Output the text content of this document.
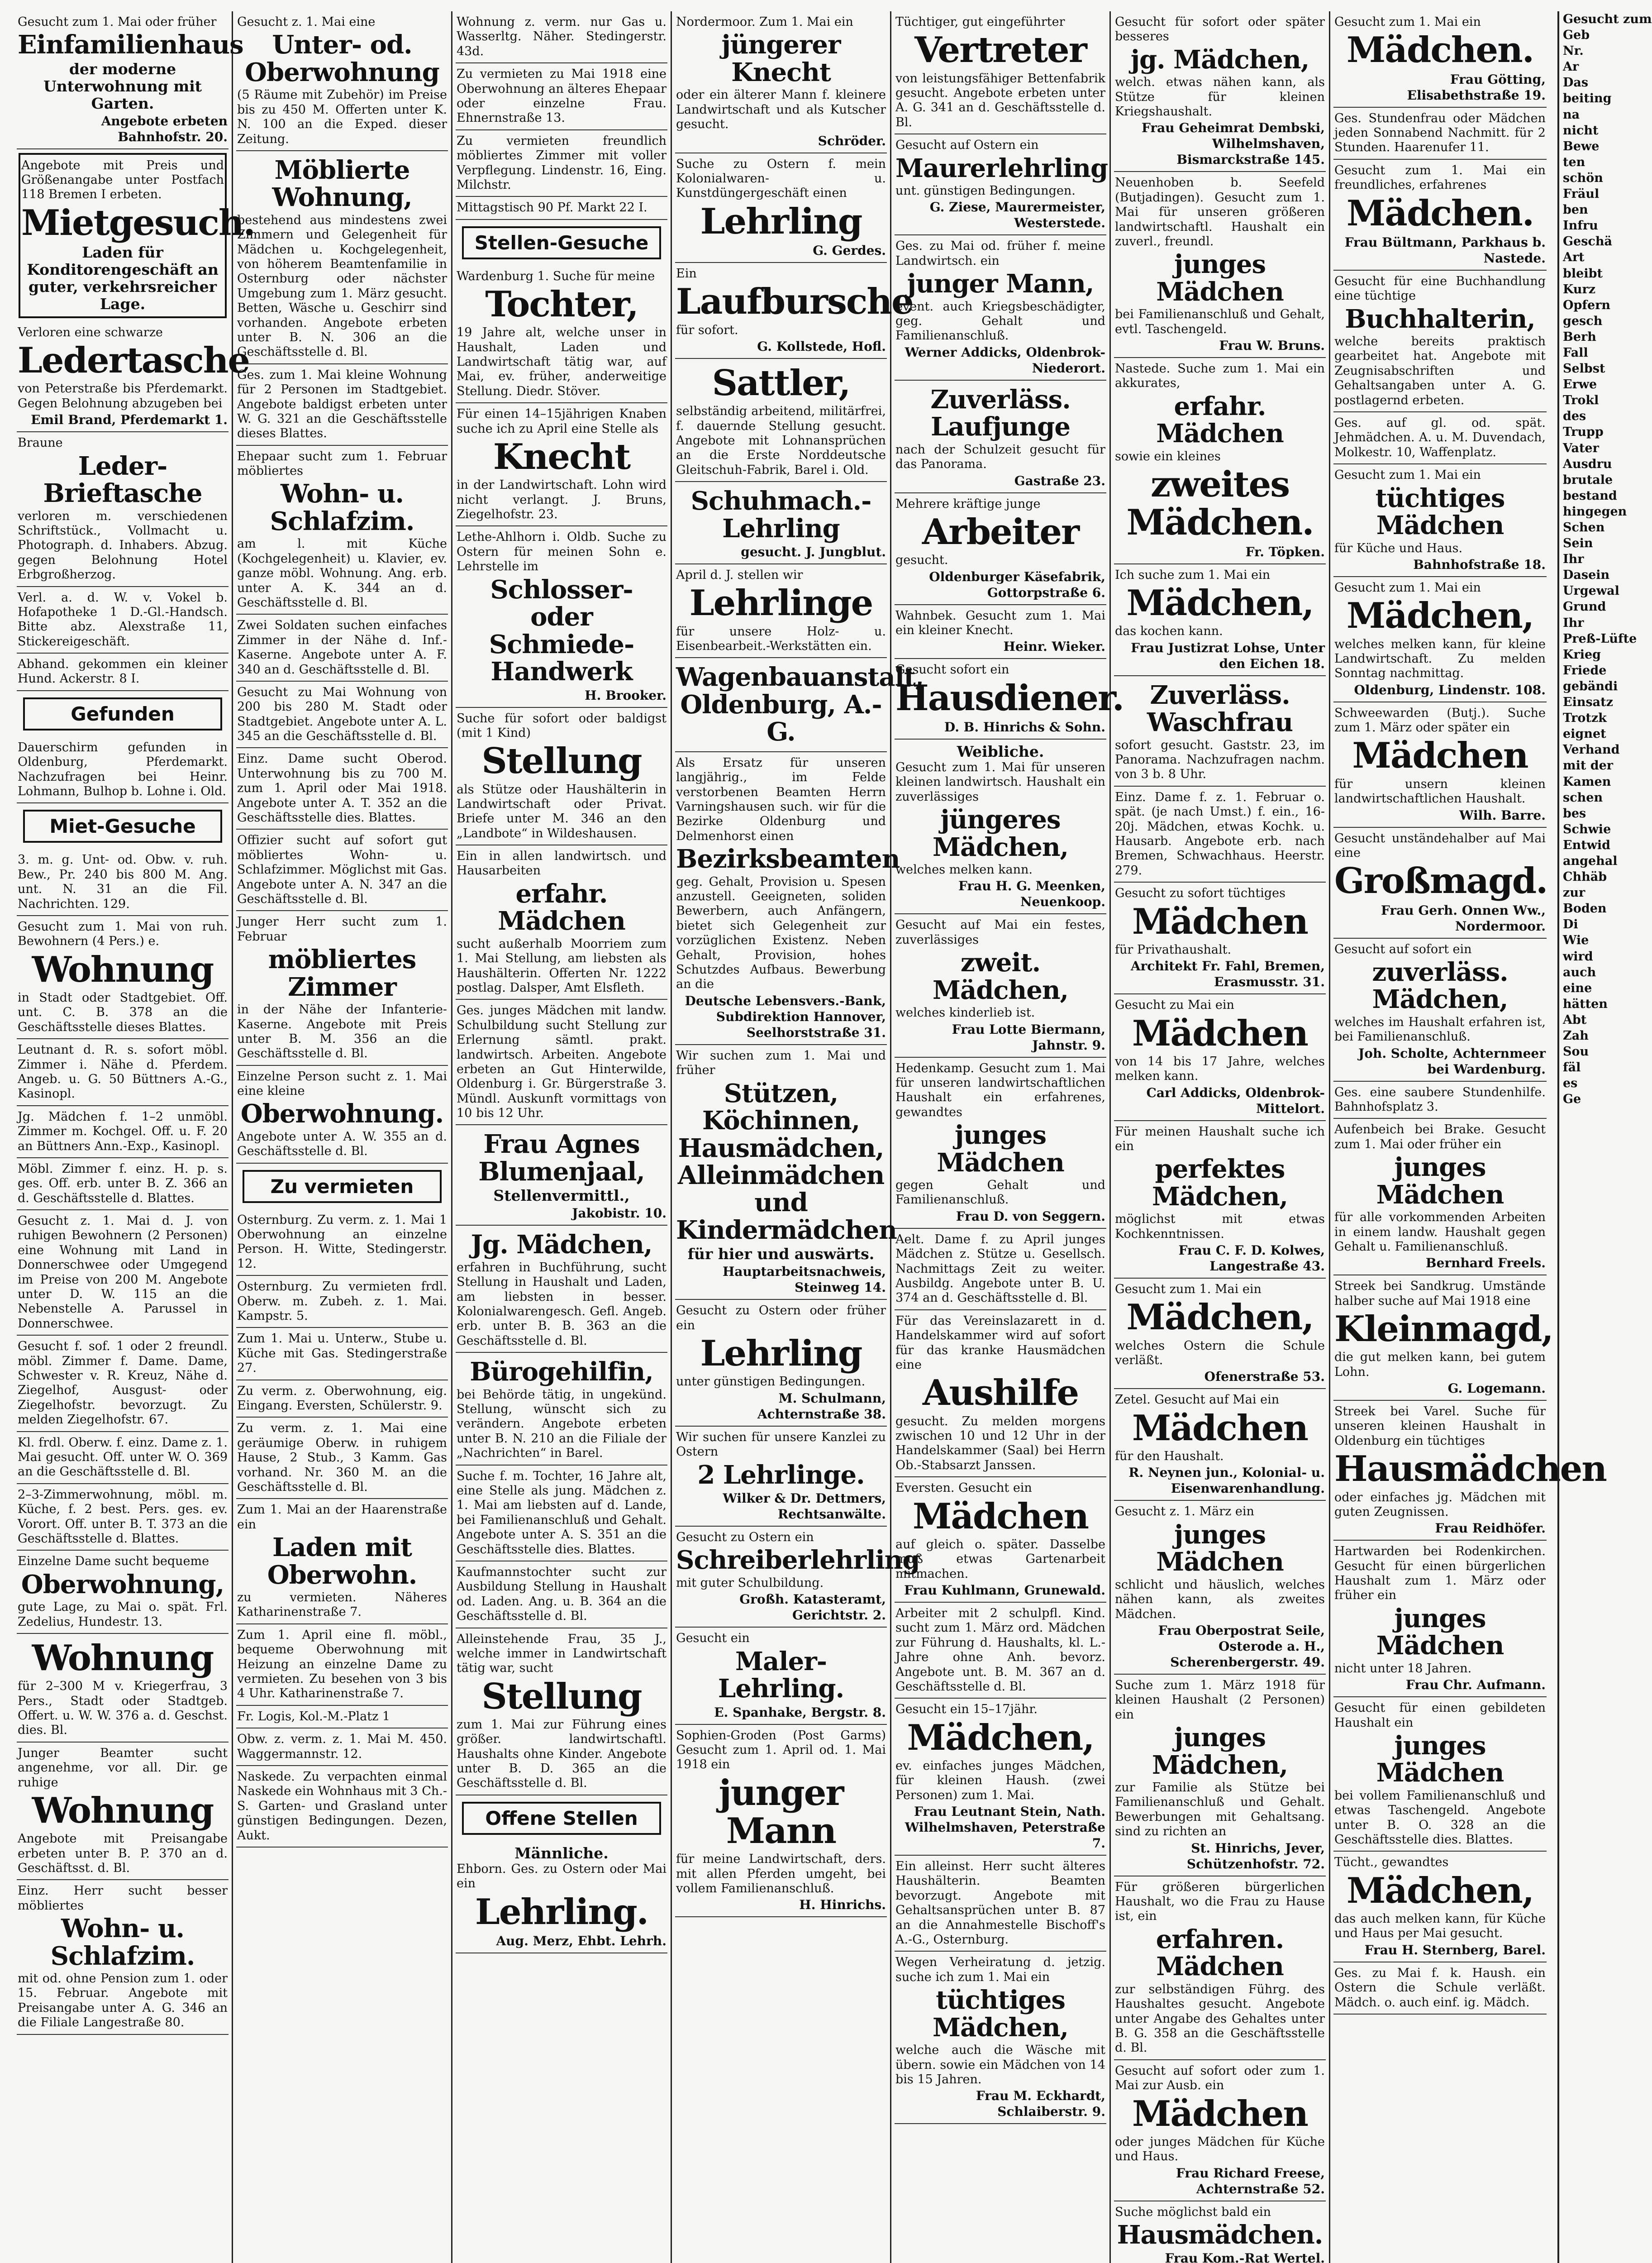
Gesucht zum 1. Mai oder früher

Einfamilienhaus
der moderne Unterwohnung mit Garten.
Angebote erbeten Bahnhofstr. 20.

Angebote mit Preis und Größenangabe unter Postfach 118 Bremen I erbeten.

Mietgesuch.
Laden für Konditorengeschäft an guter, verkehrsreicher Lage.

Verloren eine schwarze

Ledertasche

von Peterstraße bis Pferdemarkt. Gegen Belohnung abzugeben bei

Emil Brand, Pferdemarkt 1.

Braune

Leder-Brieftasche

verloren m. verschiedenen Schriftstück., Vollmacht u. Photograph. d. Inhabers. Abzug. gegen Belohnung Hotel Erbgroßherzog.

Verl. a. d. W. v. Vokel b. Hofapotheke 1 D.-Gl.-Handsch. Bitte abz. Alexstraße 11, Stickereigeschäft.

Abhand. gekommen ein kleiner Hund. Ackerstr. 8 I.

Gefunden

Dauerschirm gefunden in Oldenburg, Pferdemarkt. Nachzufragen bei Heinr. Lohmann, Bulhop b. Lohne i. Old.

Miet-Gesuche

3. m. g. Unt- od. Obw. v. ruh. Bew., Pr. 240 bis 800 M. Ang. unt. N. 31 an die Fil. Nachrichten. 129.

Gesucht zum 1. Mai von ruh. Bewohnern (4 Pers.) e.

Wohnung

in Stadt oder Stadtgebiet. Off. unt. C. B. 378 an die Geschäftsstelle dieses Blattes.

Leutnant d. R. s. sofort möbl. Zimmer i. Nähe d. Pferdem. Angeb. u. G. 50 Büttners A.-G., Kasinopl.

Jg. Mädchen f. 1–2 unmöbl. Zimmer m. Kochgel. Off. u. F. 20 an Büttners Ann.-Exp., Kasinopl.

Möbl. Zimmer f. einz. H. p. s. ges. Off. erb. unter B. Z. 366 an d. Geschäftsstelle d. Blattes.

Gesucht z. 1. Mai d. J. von ruhigen Bewohnern (2 Personen) eine Wohnung mit Land in Donnerschwee oder Umgegend im Preise von 200 M. Angebote unter D. W. 115 an die Nebenstelle A. Parussel in Donnerschwee.

Gesucht f. sof. 1 oder 2 freundl. möbl. Zimmer f. Dame. Dame, Schwester v. R. Kreuz, Nähe d. Ziegelhof, Ausgust- oder Ziegelhofstr. bevorzugt. Zu melden Ziegelhofstr. 67.

Kl. frdl. Oberw. f. einz. Dame z. 1. Mai gesucht. Off. unter W. O. 369 an die Geschäftsstelle d. Bl.

2–3-Zimmerwohnung, möbl. m. Küche, f. 2 best. Pers. ges. ev. Vorort. Off. unter B. T. 373 an die Geschäftsstelle d. Blattes.

Einzelne Dame sucht bequeme

Oberwohnung,

gute Lage, zu Mai o. spät. Frl. Zedelius, Hundestr. 13.

Wohnung

für 2–300 M v. Kriegerfrau, 3 Pers., Stadt oder Stadtgeb. Offert. u. W. W. 376 a. d. Geschst. dies. Bl.

Junger Beamter sucht angenehme, vor all. Dir. ge ruhige

Wohnung

Angebote mit Preisangabe erbeten unter B. P. 370 an d. Geschäftsst. d. Bl.

Einz. Herr sucht besser möbliertes

Wohn- u. Schlafzim.

mit od. ohne Pension zum 1. oder 15. Februar. Angebote mit Preisangabe unter A. G. 346 an die Filiale Langestraße 80.

Gesucht z. 1. Mai eine

Unter- od. Oberwohnung

(5 Räume mit Zubehör) im Preise bis zu 450 M. Offerten unter K. N. 100 an die Exped. dieser Zeitung.

Möblierte Wohnung,

bestehend aus mindestens zwei Zimmern und Gelegenheit für Mädchen u. Kochgelegenheit, von höherem Beamtenfamilie in Osternburg oder nächster Umgebung zum 1. März gesucht. Betten, Wäsche u. Geschirr sind vorhanden. Angebote erbeten unter B. N. 306 an die Geschäftsstelle d. Bl.

Ges. zum 1. Mai kleine Wohnung für 2 Personen im Stadtgebiet. Angebote baldigst erbeten unter W. G. 321 an die Geschäftsstelle dieses Blattes.

Ehepaar sucht zum 1. Februar möbliertes

Wohn- u. Schlafzim.

am l. mit Küche (Kochgelegenheit) u. Klavier, ev. ganze möbl. Wohnung. Ang. erb. unter A. K. 344 an d. Geschäftsstelle d. Bl.

Zwei Soldaten suchen einfaches Zimmer in der Nähe d. Inf.-Kaserne. Angebote unter A. F. 340 an d. Geschäftsstelle d. Bl.

Gesucht zu Mai Wohnung von 200 bis 280 M. Stadt oder Stadtgebiet. Angebote unter A. L. 345 an die Geschäftsstelle d. Bl.

Einz. Dame sucht Oberod. Unterwohnung bis zu 700 M. zum 1. April oder Mai 1918. Angebote unter A. T. 352 an die Geschäftsstelle dies. Blattes.

Offizier sucht auf sofort gut möbliertes Wohn- u. Schlafzimmer. Möglichst mit Gas. Angebote unter A. N. 347 an die Geschäftsstelle d. Bl.

Junger Herr sucht zum 1. Februar

möbliertes Zimmer

in der Nähe der Infanterie-Kaserne. Angebote mit Preis unter B. M. 356 an die Geschäftsstelle d. Bl.

Einzelne Person sucht z. 1. Mai eine kleine

Oberwohnung.

Angebote unter A. W. 355 an d. Geschäftsstelle d. Bl.

Zu vermieten

Osternburg. Zu verm. z. 1. Mai 1 Oberwohnung an einzelne Person. H. Witte, Stedingerstr. 12.

Osternburg. Zu vermieten frdl. Oberw. m. Zubeh. z. 1. Mai. Kampstr. 5.

Zum 1. Mai u. Unterw., Stube u. Küche mit Gas. Stedingerstraße 27.

Zu verm. z. Oberwohnung, eig. Eingang. Eversten, Schülerstr. 9.

Zu verm. z. 1. Mai eine geräumige Oberw. in ruhigem Hause, 2 Stub., 3 Kamm. Gas vorhand. Nr. 360 M. an die Geschäftsstelle d. Bl.

Zum 1. Mai an der Haarenstraße ein

Laden mit Oberwohn.

zu vermieten. Näheres Katharinenstraße 7.

Zum 1. April eine fl. möbl., bequeme Oberwohnung mit Heizung an einzelne Dame zu vermieten. Zu besehen von 3 bis 4 Uhr. Katharinenstraße 7.

Fr. Logis, Kol.-M.-Platz 1

Obw. z. verm. z. 1. Mai M. 450. Waggermannstr. 12.

Naskede. Zu verpachten einmal Naskede ein Wohnhaus mit 3 Ch.-S. Garten- und Grasland unter günstigen Bedingungen. Dezen, Aukt.

Wohnung z. verm. nur Gas u. Wasserltg. Näher. Stedingerstr. 43d.

Zu vermieten zu Mai 1918 eine Oberwohnung an älteres Ehepaar oder einzelne Frau. Ehnernstraße 13.

Zu vermieten freundlich möbliertes Zimmer mit voller Verpflegung. Lindenstr. 16, Eing. Milchstr.

Mittagstisch 90 Pf. Markt 22 I.

Stellen-Gesuche

Wardenburg 1. Suche für meine

Tochter,

19 Jahre alt, welche unser in Haushalt, Laden und Landwirtschaft tätig war, auf Mai, ev. früher, anderweitige Stellung. Diedr. Stöver.

Für einen 14–15jährigen Knaben suche ich zu April eine Stelle als

Knecht

in der Landwirtschaft. Lohn wird nicht verlangt. J. Bruns, Ziegelhofstr. 23.

Lethe-Ahlhorn i. Oldb. Suche zu Ostern für meinen Sohn e. Lehrstelle im

Schlosser- oder Schmiede-Handwerk
H. Brooker.

Suche für sofort oder baldigst (mit 1 Kind)

Stellung

als Stütze oder Haushälterin in Landwirtschaft oder Privat. Briefe unter M. 346 an den „Landbote“ in Wildeshausen.

Ein in allen landwirtsch. und Hausarbeiten

erfahr. Mädchen

sucht außerhalb Moorriem zum 1. Mai Stellung, am liebsten als Haushälterin. Offerten Nr. 1222 postlag. Dalsper, Amt Elsfleth.

Ges. junges Mädchen mit landw. Schulbildung sucht Stellung zur Erlernung sämtl. prakt. landwirtsch. Arbeiten. Angebote erbeten an Gut Hinterwilde, Oldenburg i. Gr. Bürgerstraße 3. Mündl. Auskunft vormittags von 10 bis 12 Uhr.

Frau Agnes Blumenjaal,
Stellenvermittl.,
Jakobistr. 10.
Jg. Mädchen,

erfahren in Buchführung, sucht Stellung in Haushalt und Laden, am liebsten in besser. Kolonialwarengesch. Gefl. Angeb. erb. unter B. B. 363 an die Geschäftsstelle d. Bl.

Bürogehilfin,

bei Behörde tätig, in ungekünd. Stellung, wünscht sich zu verändern. Angebote erbeten unter B. N. 210 an die Filiale der „Nachrichten“ in Barel.

Suche f. m. Tochter, 16 Jahre alt, eine Stelle als jung. Mädchen z. 1. Mai am liebsten auf d. Lande, bei Familienanschluß und Gehalt. Angebote unter A. S. 351 an die Geschäftsstelle dies. Blattes.

Kaufmannstochter sucht zur Ausbildung Stellung in Haushalt od. Laden. Ang. u. B. 364 an die Geschäftsstelle d. Bl.

Alleinstehende Frau, 35 J., welche immer in Landwirtschaft tätig war, sucht

Stellung

zum 1. Mai zur Führung eines größer. landwirtschaftl. Haushalts ohne Kinder. Angebote unter B. D. 365 an die Geschäftsstelle d. Bl.

Offene Stellen
Männliche.

Ehborn. Ges. zu Ostern oder Mai ein

Lehrling.
Aug. Merz, Ehbt. Lehrh.

Nordermoor. Zum 1. Mai ein

jüngerer Knecht

oder ein älterer Mann f. kleinere Landwirtschaft und als Kutscher gesucht.

Schröder.

Suche zu Ostern f. mein Kolonialwaren- u. Kunstdüngergeschäft einen

Lehrling
G. Gerdes.

Ein

Laufbursche

für sofort.

G. Kollstede, Hofl.
Sattler,

selbständig arbeitend, militärfrei, f. dauernde Stellung gesucht. Angebote mit Lohnansprüchen an die Erste Norddeutsche Gleitschuh-Fabrik, Barel i. Old.

Schuhmach.-Lehrling
gesucht. J. Jungblut.

April d. J. stellen wir

Lehrlinge

für unsere Holz- u. Eisenbearbeit.-Werkstätten ein.

Wagenbauanstalt, Oldenburg, A.-G.

Als Ersatz für unseren langjährig., im Felde verstorbenen Beamten Herrn Varningshausen such. wir für die Bezirke Oldenburg und Delmenhorst einen

Bezirksbeamten

geg. Gehalt, Provision u. Spesen anzustell. Geeigneten, soliden Bewerbern, auch Anfängern, bietet sich Gelegenheit zur vorzüglichen Existenz. Neben Gehalt, Provision, hohes Schutzdes Aufbaus. Bewerbung an die

Deutsche Lebensvers.-Bank, Subdirektion Hannover, Seelhorststraße 31.

Wir suchen zum 1. Mai und früher

Stützen, Köchinnen, Hausmädchen, Alleinmädchen und Kindermädchen
für hier und auswärts.
Hauptarbeitsnachweis, Steinweg 14.

Gesucht zu Ostern oder früher ein

Lehrling

unter günstigen Bedingungen.

M. Schulmann, Achternstraße 38.

Wir suchen für unsere Kanzlei zu Ostern

2 Lehrlinge.
Wilker & Dr. Dettmers, Rechtsanwälte.

Gesucht zu Ostern ein

Schreiberlehrling

mit guter Schulbildung.

Großh. Katasteramt, Gerichtstr. 2.

Gesucht ein

Maler-Lehrling.
E. Spanhake, Bergstr. 8.

Sophien-Groden (Post Garms) Gesucht zum 1. April od. 1. Mai 1918 ein

junger Mann

für meine Landwirtschaft, ders. mit allen Pferden umgeht, bei vollem Familienanschluß.

H. Hinrichs.

Tüchtiger, gut eingeführter

Vertreter

von leistungsfähiger Bettenfabrik gesucht. Angebote erbeten unter A. G. 341 an d. Geschäftsstelle d. Bl.

Gesucht auf Ostern ein

Maurerlehrling

unt. günstigen Bedingungen.

G. Ziese, Maurermeister, Westerstede.

Ges. zu Mai od. früher f. meine Landwirtsch. ein

junger Mann,

event. auch Kriegsbeschädigter, geg. Gehalt und Familienanschluß.

Werner Addicks, Oldenbrok-Niederort.
Zuverläss. Laufjunge

nach der Schulzeit gesucht für das Panorama.

Gastraße 23.

Mehrere kräftige junge

Arbeiter

gesucht.

Oldenburger Käsefabrik, Gottorpstraße 6.

Wahnbek. Gesucht zum 1. Mai ein kleiner Knecht.

Heinr. Wieker.

Gesucht sofort ein

Hausdiener.
D. B. Hinrichs & Sohn.
Weibliche.

Gesucht zum 1. Mai für unseren kleinen landwirtsch. Haushalt ein zuverlässiges

jüngeres Mädchen,

welches melken kann.

Frau H. G. Meenken, Neuenkoop.

Gesucht auf Mai ein festes, zuverlässiges

zweit. Mädchen,

welches kinderlieb ist.

Frau Lotte Biermann, Jahnstr. 9.

Hedenkamp. Gesucht zum 1. Mai für unseren landwirtschaftlichen Haushalt ein erfahrenes, gewandtes

junges Mädchen

gegen Gehalt und Familienanschluß.

Frau D. von Seggern.

Aelt. Dame f. zu April junges Mädchen z. Stütze u. Gesellsch. Nachmittags Zeit zu weiter. Ausbildg. Angebote unter B. U. 374 an d. Geschäftsstelle d. Bl.

Für das Vereinslazarett in d. Handelskammer wird auf sofort für das kranke Hausmädchen eine

Aushilfe

gesucht. Zu melden morgens zwischen 10 und 12 Uhr in der Handelskammer (Saal) bei Herrn Ob.-Stabsarzt Janssen.

Eversten. Gesucht ein

Mädchen

auf gleich o. später. Dasselbe muß etwas Gartenarbeit mitmachen.

Frau Kuhlmann, Grunewald.

Arbeiter mit 2 schulpfl. Kind. sucht zum 1. März ord. Mädchen zur Führung d. Haushalts, kl. L.-Jahre ohne Anh. bevorz. Angebote unt. B. M. 367 an d. Geschäftsstelle d. Bl.

Gesucht ein 15–17jähr.

Mädchen,

ev. einfaches junges Mädchen, für kleinen Haush. (zwei Personen) zum 1. Mai.

Frau Leutnant Stein, Nath. Wilhelmshaven, Peterstraße 7.

Ein alleinst. Herr sucht älteres Haushälterin. Beamten bevorzugt. Angebote mit Gehaltsansprüchen unter B. 87 an die Annahmestelle Bischoff's A.-G., Osternburg.

Wegen Verheiratung d. jetzig. suche ich zum 1. Mai ein

tüchtiges Mädchen,

welche auch die Wäsche mit übern. sowie ein Mädchen von 14 bis 15 Jahren.

Frau M. Eckhardt, Schlaiberstr. 9.

Gesucht für sofort oder später besseres

jg. Mädchen,

welch. etwas nähen kann, als Stütze für kleinen Kriegshaushalt.

Frau Geheimrat Dembski, Wilhelmshaven, Bismarckstraße 145.

Neuenhoben b. Seefeld (Butjadingen). Gesucht zum 1. Mai für unseren größeren landwirtschaftl. Haushalt ein zuverl., freundl.

junges Mädchen

bei Familienanschluß und Gehalt, evtl. Taschengeld.

Frau W. Bruns.

Nastede. Suche zum 1. Mai ein akkurates,

erfahr. Mädchen

sowie ein kleines

zweites Mädchen.
Fr. Töpken.

Ich suche zum 1. Mai ein

Mädchen,

das kochen kann.

Frau Justizrat Lohse, Unter den Eichen 18.
Zuverläss. Waschfrau

sofort gesucht. Gaststr. 23, im Panorama. Nachzufragen nachm. von 3 b. 8 Uhr.

Einz. Dame f. z. 1. Februar o. spät. (je nach Umst.) f. ein., 16-20j. Mädchen, etwas Kochk. u. Hausarb. Angebote erb. nach Bremen, Schwachhaus. Heerstr. 279.

Gesucht zu sofort tüchtiges

Mädchen

für Privathaushalt.

Architekt Fr. Fahl, Bremen, Erasmusstr. 31.

Gesucht zu Mai ein

Mädchen

von 14 bis 17 Jahre, welches melken kann.

Carl Addicks, Oldenbrok-Mittelort.

Für meinen Haushalt suche ich ein

perfektes Mädchen,

möglichst mit etwas Kochkenntnissen.

Frau C. F. D. Kolwes, Langestraße 43.

Gesucht zum 1. Mai ein

Mädchen,

welches Ostern die Schule verläßt.

Ofenerstraße 53.

Zetel. Gesucht auf Mai ein

Mädchen

für den Haushalt.

R. Neynen jun., Kolonial- u. Eisenwarenhandlung.

Gesucht z. 1. März ein

junges Mädchen

schlicht und häuslich, welches nähen kann, als zweites Mädchen.

Frau Oberpostrat Seile, Osterode a. H., Scherenbergerstr. 49.

Suche zum 1. März 1918 für kleinen Haushalt (2 Personen) ein

junges Mädchen,

zur Familie als Stütze bei Familienanschluß und Gehalt. Bewerbungen mit Gehaltsang. sind zu richten an

St. Hinrichs, Jever, Schützenhofstr. 72.

Für größeren bürgerlichen Haushalt, wo die Frau zu Hause ist, ein

erfahren. Mädchen

zur selbständigen Führg. des Haushaltes gesucht. Angebote unter Angabe des Gehaltes unter B. G. 358 an die Geschäftsstelle d. Bl.

Gesucht auf sofort oder zum 1. Mai zur Ausb. ein

Mädchen

oder junges Mädchen für Küche und Haus.

Frau Richard Freese, Achternstraße 52.

Suche möglichst bald ein

Hausmädchen.
Frau Kom.-Rat Wertel.

Gesucht zum 1. Mai ein

Mädchen.
Frau Götting, Elisabethstraße 19.

Ges. Stundenfrau oder Mädchen jeden Sonnabend Nachmitt. für 2 Stunden. Haarenufer 11.

Gesucht zum 1. Mai ein freundliches, erfahrenes

Mädchen.
Frau Bültmann, Parkhaus b. Nastede.

Gesucht für eine Buchhandlung eine tüchtige

Buchhalterin,

welche bereits praktisch gearbeitet hat. Angebote mit Zeugnisabschriften und Gehaltsangaben unter A. G. postlagernd erbeten.

Ges. auf gl. od. spät. Jehmädchen. A. u. M. Duvendach, Molkestr. 10, Waffenplatz.

Gesucht zum 1. Mai ein

tüchtiges Mädchen

für Küche und Haus.

Bahnhofstraße 18.

Gesucht zum 1. Mai ein

Mädchen,

welches melken kann, für kleine Landwirtschaft. Zu melden Sonntag nachmittag.

Oldenburg, Lindenstr. 108.

Schweewarden (Butj.). Suche zum 1. März oder später ein

Mädchen

für unsern kleinen landwirtschaftlichen Haushalt.

Wilh. Barre.

Gesucht unständehalber auf Mai eine

Großmagd.
Frau Gerh. Onnen Ww., Nordermoor.

Gesucht auf sofort ein

zuverläss. Mädchen,

welches im Haushalt erfahren ist, bei Familienanschluß.

Joh. Scholte, Achternmeer bei Wardenburg.

Ges. eine saubere Stundenhilfe. Bahnhofsplatz 3.

Aufenbeich bei Brake. Gesucht zum 1. Mai oder früher ein

junges Mädchen

für alle vorkommenden Arbeiten in einem landw. Haushalt gegen Gehalt u. Familienanschluß.

Bernhard Freels.

Streek bei Sandkrug. Umstände halber suche auf Mai 1918 eine

Kleinmagd,

die gut melken kann, bei gutem Lohn.

G. Logemann.

Streek bei Varel. Suche für unseren kleinen Haushalt in Oldenburg ein tüchtiges

Hausmädchen

oder einfaches jg. Mädchen mit guten Zeugnissen.

Frau Reidhöfer.

Hartwarden bei Rodenkirchen. Gesucht für einen bürgerlichen Haushalt zum 1. März oder früher ein

junges Mädchen

nicht unter 18 Jahren.

Frau Chr. Aufmann.

Gesucht für einen gebildeten Haushalt ein

junges Mädchen

bei vollem Familienanschluß und etwas Taschengeld. Angebote unter B. O. 328 an die Geschäftsstelle dies. Blattes.

Tücht., gewandtes

Mädchen,

das auch melken kann, für Küche und Haus per Mai gesucht.

Frau H. Sternberg, Barel.

Ges. zu Mai f. k. Haush. ein Ostern die Schule verläßt. Mädch. o. auch einf. ig. Mädch.

Gesucht zum
Geb
Nr.
Ar
Das
beiting
na
nicht
Bewe
ten
schön
Fräul
ben
Infru
Geschä
Art
bleibt
Kurz
Opfern
gesch
Berh
Fall
Selbst
Erwe
Trokl
des
Trupp
Vater
Ausdru
brutale
bestand
hingegen
Schen
Sein
Ihr
Dasein
Urgewal
Grund
Ihr
Preß-Lüfte
Krieg
Friede
gebändi
Einsatz
Trotzk
eignet
Verhand
mit der
Kamen
schen
bes
Schwie
Entwid
angehal
Chhäb
zur
Boden
Di
Wie
wird
auch
eine
hätten
Abt
Zah
Sou
fäl
es
Ge
